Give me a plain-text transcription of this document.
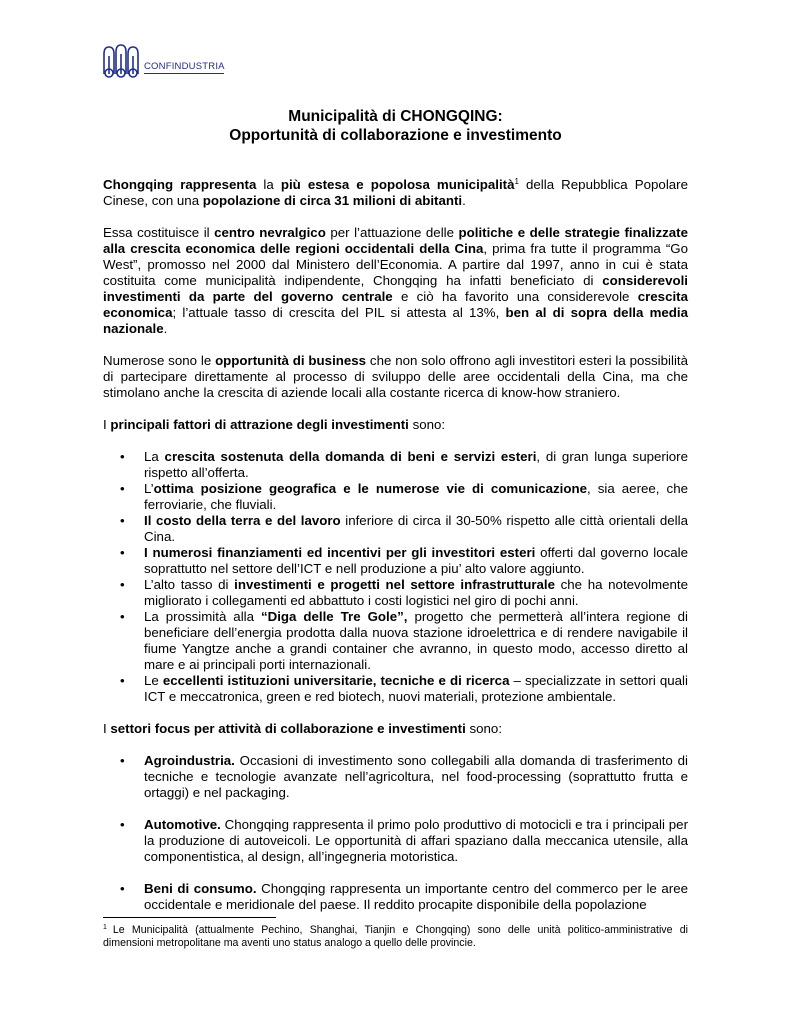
CONFINDUSTRIA
Municipalità di CHONGQING:
Opportunità di collaborazione e investimento

Chongqing rappresenta la più estesa e popolosa municipalità$^1$ della Repubblica Popolare Cinese, con una popolazione di circa 31 milioni di abitanti.

Essa costituisce il centro nevralgico per l’attuazione delle politiche e delle strategie finalizzate alla crescita economica delle regioni occidentali della Cina, prima fra tutte il programma “Go West”, promosso nel 2000 dal Ministero dell’Economia. A partire dal 1997, anno in cui è stata costituita come municipalità indipendente, Chongqing ha infatti beneficiato di considerevoli investimenti da parte del governo centrale e ciò ha favorito una considerevole crescita economica; l’attuale tasso di crescita del PIL si attesta al 13%, ben al di sopra della media nazionale.

Numerose sono le opportunità di business che non solo offrono agli investitori esteri la possibilità di partecipare direttamente al processo di sviluppo delle aree occidentali della Cina, ma che stimolano anche la crescita di aziende locali alla costante ricerca di know-how straniero.

I principali fattori di attrazione degli investimenti sono:

• La crescita sostenuta della domanda di beni e servizi esteri, di gran lunga superiore rispetto all’offerta.
• L’ottima posizione geografica e le numerose vie di comunicazione, sia aeree, che ferroviarie, che fluviali.
• Il costo della terra e del lavoro inferiore di circa il 30-50% rispetto alle città orientali della Cina.
• I numerosi finanziamenti ed incentivi per gli investitori esteri offerti dal governo locale soprattutto nel settore dell’ICT e nell produzione a piu’ alto valore aggiunto.
• L’alto tasso di investimenti e progetti nel settore infrastrutturale che ha notevolmente migliorato i collegamenti ed abbattuto i costi logistici nel giro di pochi anni.
• La prossimità alla “Diga delle Tre Gole”, progetto che permetterà all’intera regione di beneficiare dell’energia prodotta dalla nuova stazione idroelettrica e di rendere navigabile il fiume Yangtze anche a grandi container che avranno, in questo modo, accesso diretto al mare e ai principali porti internazionali.
• Le eccellenti istituzioni universitarie, tecniche e di ricerca – specializzate in settori quali ICT e meccatronica, green e red biotech, nuovi materiali, protezione ambientale.

I settori focus per attività di collaborazione e investimenti sono:

• Agroindustria. Occasioni di investimento sono collegabili alla domanda di trasferimento di tecniche e tecnologie avanzate nell’agricoltura, nel food-processing (soprattutto frutta e ortaggi) e nel packaging.
• Automotive. Chongqing rappresenta il primo polo produttivo di motocicli e tra i principali per la produzione di autoveicoli. Le opportunità di affari spaziano dalla meccanica utensile, alla componentistica, al design, all’ingegneria motoristica.
• Beni di consumo. Chongqing rappresenta un importante centro del commerco per le aree occidentale e meridionale del paese. Il reddito procapite disponibile della popolazione
$^1$ Le Municipalità (attualmente Pechino, Shanghai, Tianjin e Chongqing) sono delle unità politico-amministrative di dimensioni metropolitane ma aventi uno status analogo a quello delle provincie.
